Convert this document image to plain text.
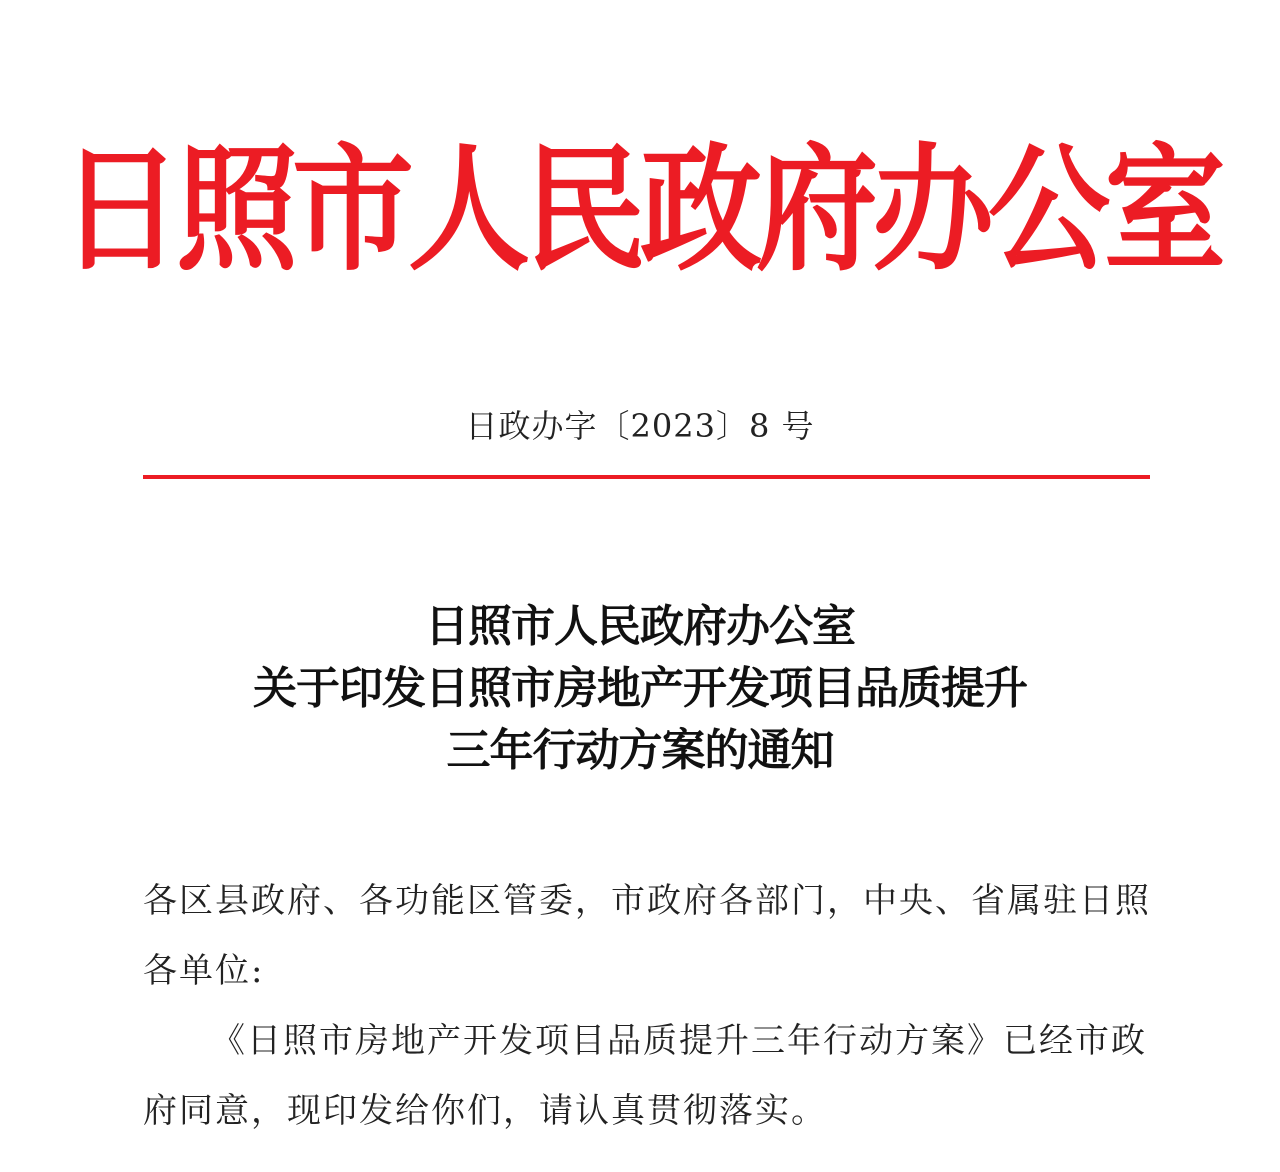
日照市人民政府办公室
日政办字〔2023〕8 号
日照市人民政府办公室
关于印发日照市房地产开发项目品质提升
三年行动方案的通知
各区县政府、各功能区管委，市政府各部门，中央、省属驻日照各单位:
《日照市房地产开发项目品质提升三年行动方案》已经市政府同意，现印发给你们，请认真贯彻落实。
